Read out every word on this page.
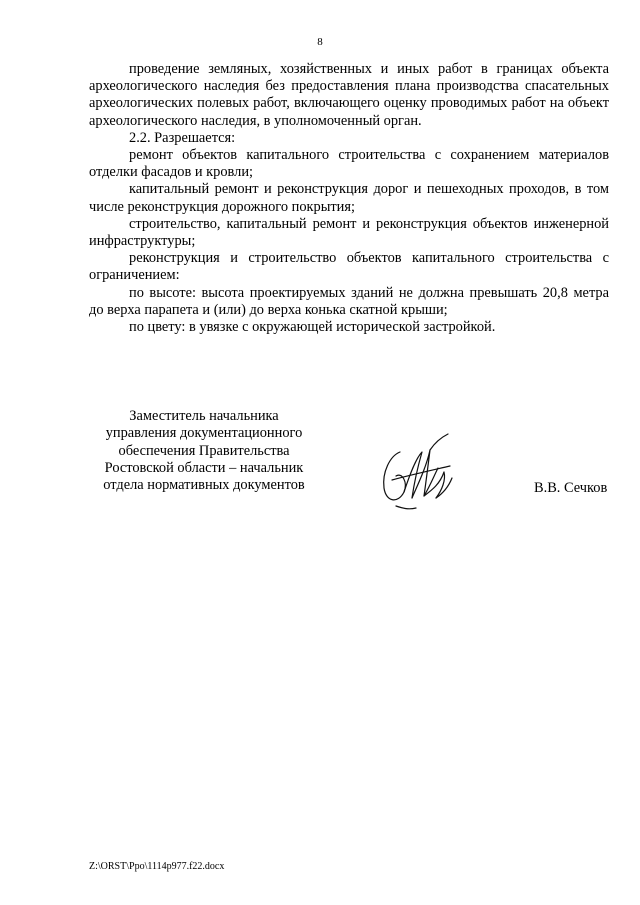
8

проведение земляных, хозяйственных и иных работ в границах объекта археологического наследия без предоставления плана производства спасательных археологических полевых работ, включающего оценку проводимых работ на объект археологического наследия, в уполномоченный орган.

2.2. Разрешается:

ремонт объектов капитального строительства с сохранением материалов отделки фасадов и кровли;

капитальный ремонт и реконструкция дорог и пешеходных проходов, в том числе реконструкция дорожного покрытия;

строительство, капитальный ремонт и реконструкция объектов инженерной инфраструктуры;

реконструкция и строительство объектов капитального строительства с ограничением:

по высоте: высота проектируемых зданий не должна превышать 20,8 метра до верха парапета и (или) до верха конька скатной крыши;

по цвету: в увязке с окружающей исторической застройкой.

Заместитель начальника
управления документационного
обеспечения Правительства
Ростовской области – начальник
отдела нормативных документов	В.В. Сечков
Z:\ORST\Ppo\1114p977.f22.docx
